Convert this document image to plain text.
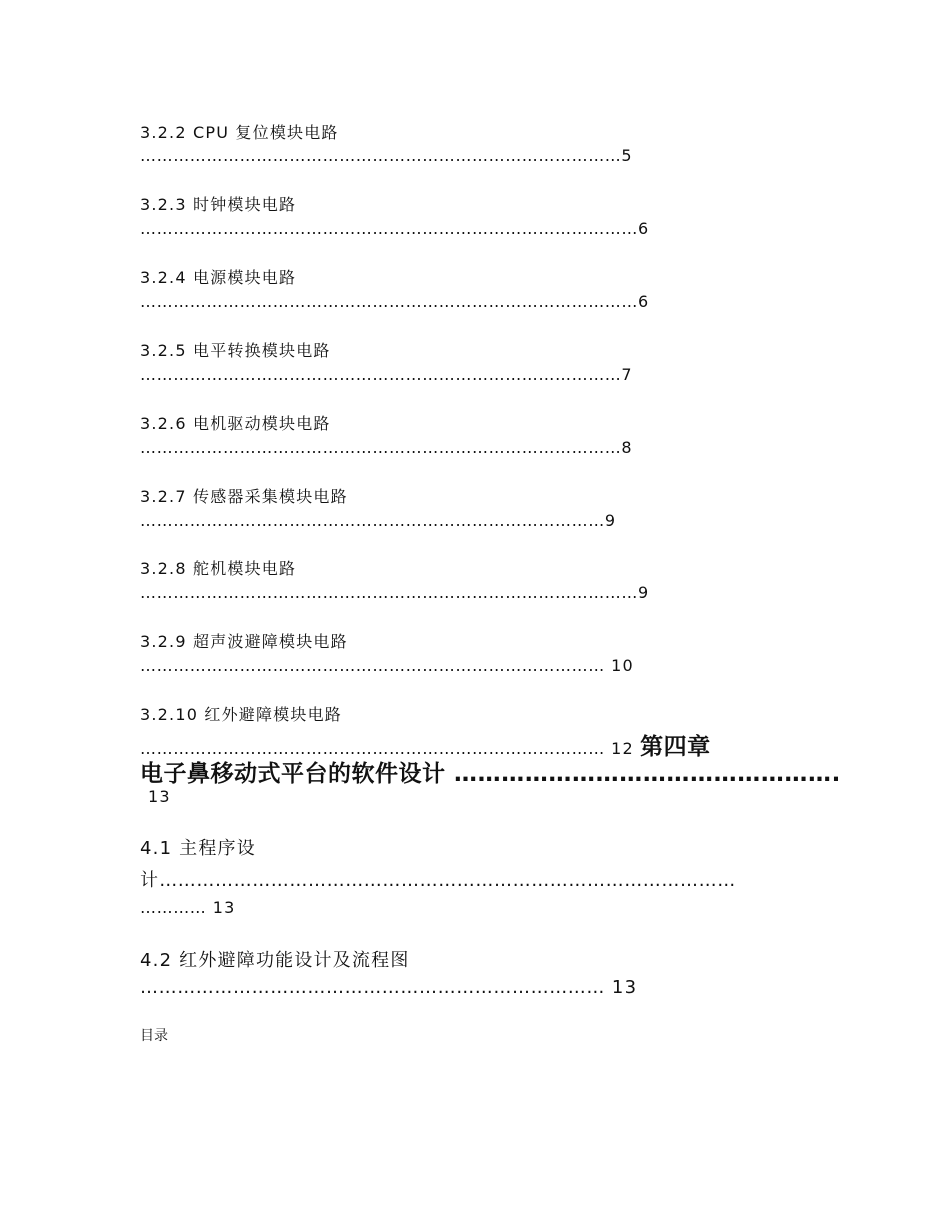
3.2.2 CPU 复位模块电路
……………………………………………………………………………5
3.2.3 时钟模块电路
………………………………………………………………………………6
3.2.4 电源模块电路
………………………………………………………………………………6
3.2.5 电平转换模块电路
……………………………………………………………………………7
3.2.6 电机驱动模块电路
……………………………………………………………………………8
3.2.7 传感器采集模块电路
…………………………………………………………………………9
3.2.8 舵机模块电路
………………………………………………………………………………9
3.2.9 超声波避障模块电路
………………………………………………………………………… 10
3.2.10 红外避障模块电路
………………………………………………………………………… 12 第四章
电子鼻移动式平台的软件设计 ………………………………………….
13
4.1 主程序设
计…………………………………………………………………………………
………… 13
4.2 红外避障功能设计及流程图
………………………………………………………………… 13
目录
